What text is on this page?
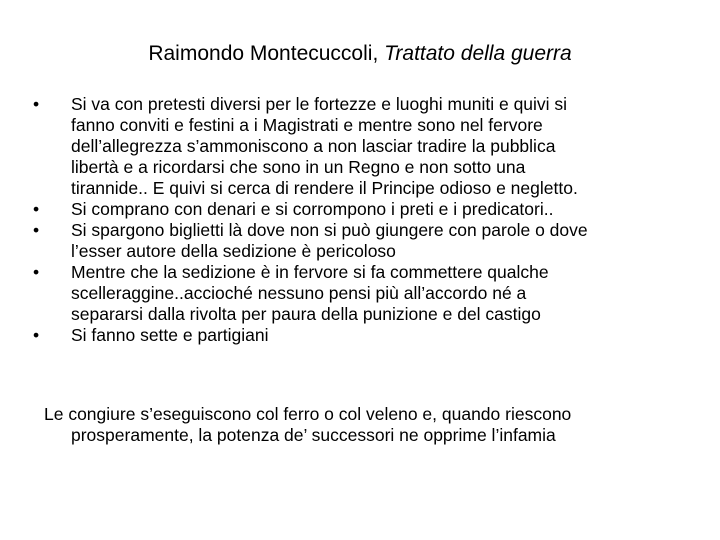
Raimondo Montecuccoli, Trattato della guerra
•	Si va con pretesti diversi per le fortezze e luoghi muniti e quivi si
fanno conviti e festini a i Magistrati e mentre sono nel fervore
dell’allegrezza s’ammoniscono a non lasciar tradire la pubblica
libertà e a ricordarsi che sono in un Regno e non sotto una
tirannide.. E quivi si cerca di rendere il Principe odioso e negletto.
•	Si comprano con denari e si corrompono i preti e i predicatori..
•	Si spargono biglietti là dove non si può giungere con parole o dove
l’esser autore della sedizione è pericoloso
•	Mentre che la sedizione è in fervore si fa commettere qualche
scelleraggine..accioché nessuno pensi più all’accordo né a
separarsi dalla rivolta per paura della punizione e del castigo
•	Si fanno sette e partigiani
Le congiure s’eseguiscono col ferro o col veleno e, quando riescono
prosperamente, la potenza de’ successori ne opprime l’infamia
